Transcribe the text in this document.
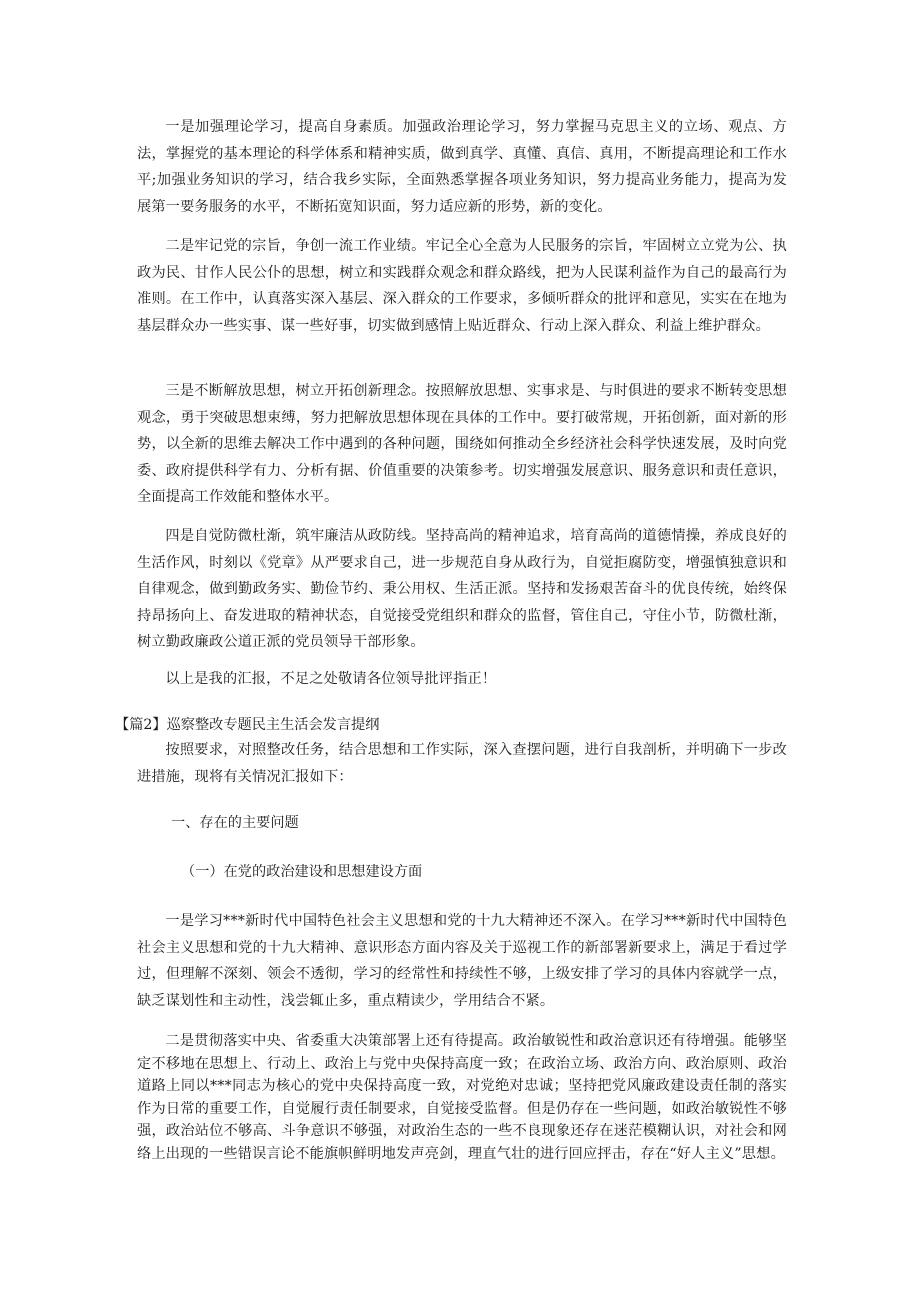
一是加强理论学习，提高自身素质。加强政治理论学习，努力掌握马克思主义的立场、观点、方法，掌握党的基本理论的科学体系和精神实质，做到真学、真懂、真信、真用，不断提高理论和工作水平;加强业务知识的学习，结合我乡实际，全面熟悉掌握各项业务知识，努力提高业务能力，提高为发展第一要务服务的水平，不断拓宽知识面，努力适应新的形势，新的变化。

二是牢记党的宗旨，争创一流工作业绩。牢记全心全意为人民服务的宗旨，牢固树立立党为公、执政为民、甘作人民公仆的思想，树立和实践群众观念和群众路线，把为人民谋利益作为自己的最高行为准则。在工作中，认真落实深入基层、深入群众的工作要求，多倾听群众的批评和意见，实实在在地为基层群众办一些实事、谋一些好事，切实做到感情上贴近群众、行动上深入群众、利益上维护群众。

三是不断解放思想，树立开拓创新理念。按照解放思想、实事求是、与时俱进的要求不断转变思想观念，勇于突破思想束缚，努力把解放思想体现在具体的工作中。要打破常规，开拓创新，面对新的形势，以全新的思维去解决工作中遇到的各种问题，围绕如何推动全乡经济社会科学快速发展，及时向党委、政府提供科学有力、分析有据、价值重要的决策参考。切实增强发展意识、服务意识和责任意识，全面提高工作效能和整体水平。

四是自觉防微杜渐，筑牢廉洁从政防线。坚持高尚的精神追求，培育高尚的道德情操，养成良好的生活作风，时刻以《党章》从严要求自己，进一步规范自身从政行为，自觉拒腐防变，增强慎独意识和自律观念，做到勤政务实、勤俭节约、秉公用权、生活正派。坚持和发扬艰苦奋斗的优良传统，始终保持昂扬向上、奋发进取的精神状态，自觉接受党组织和群众的监督，管住自己，守住小节，防微杜渐，树立勤政廉政公道正派的党员领导干部形象。

以上是我的汇报，不足之处敬请各位领导批评指正！

【篇2】巡察整改专题民主生活会发言提纲

按照要求，对照整改任务，结合思想和工作实际，深入查摆问题，进行自我剖析，并明确下一步改进措施，现将有关情况汇报如下：

一、存在的主要问题

（一）在党的政治建设和思想建设方面

一是学习***新时代中国特色社会主义思想和党的十九大精神还不深入。在学习***新时代中国特色社会主义思想和党的十九大精神、意识形态方面内容及关于巡视工作的新部署新要求上，满足于看过学过，但理解不深刻、领会不透彻，学习的经常性和持续性不够，上级安排了学习的具体内容就学一点，缺乏谋划性和主动性，浅尝辄止多，重点精读少，学用结合不紧。

二是贯彻落实中央、省委重大决策部署上还有待提高。政治敏锐性和政治意识还有待增强。能够坚定不移地在思想上、行动上、政治上与党中央保持高度一致；在政治立场、政治方向、政治原则、政治道路上同以***同志为核心的党中央保持高度一致，对党绝对忠诚；坚持把党风廉政建设责任制的落实作为日常的重要工作，自觉履行责任制要求，自觉接受监督。但是仍存在一些问题，如政治敏锐性不够强，政治站位不够高、斗争意识不够强，对政治生态的一些不良现象还存在迷茫模糊认识，对社会和网络上出现的一些错误言论不能旗帜鲜明地发声亮剑，理直气壮的进行回应抨击，存在“好人主义”思想。
